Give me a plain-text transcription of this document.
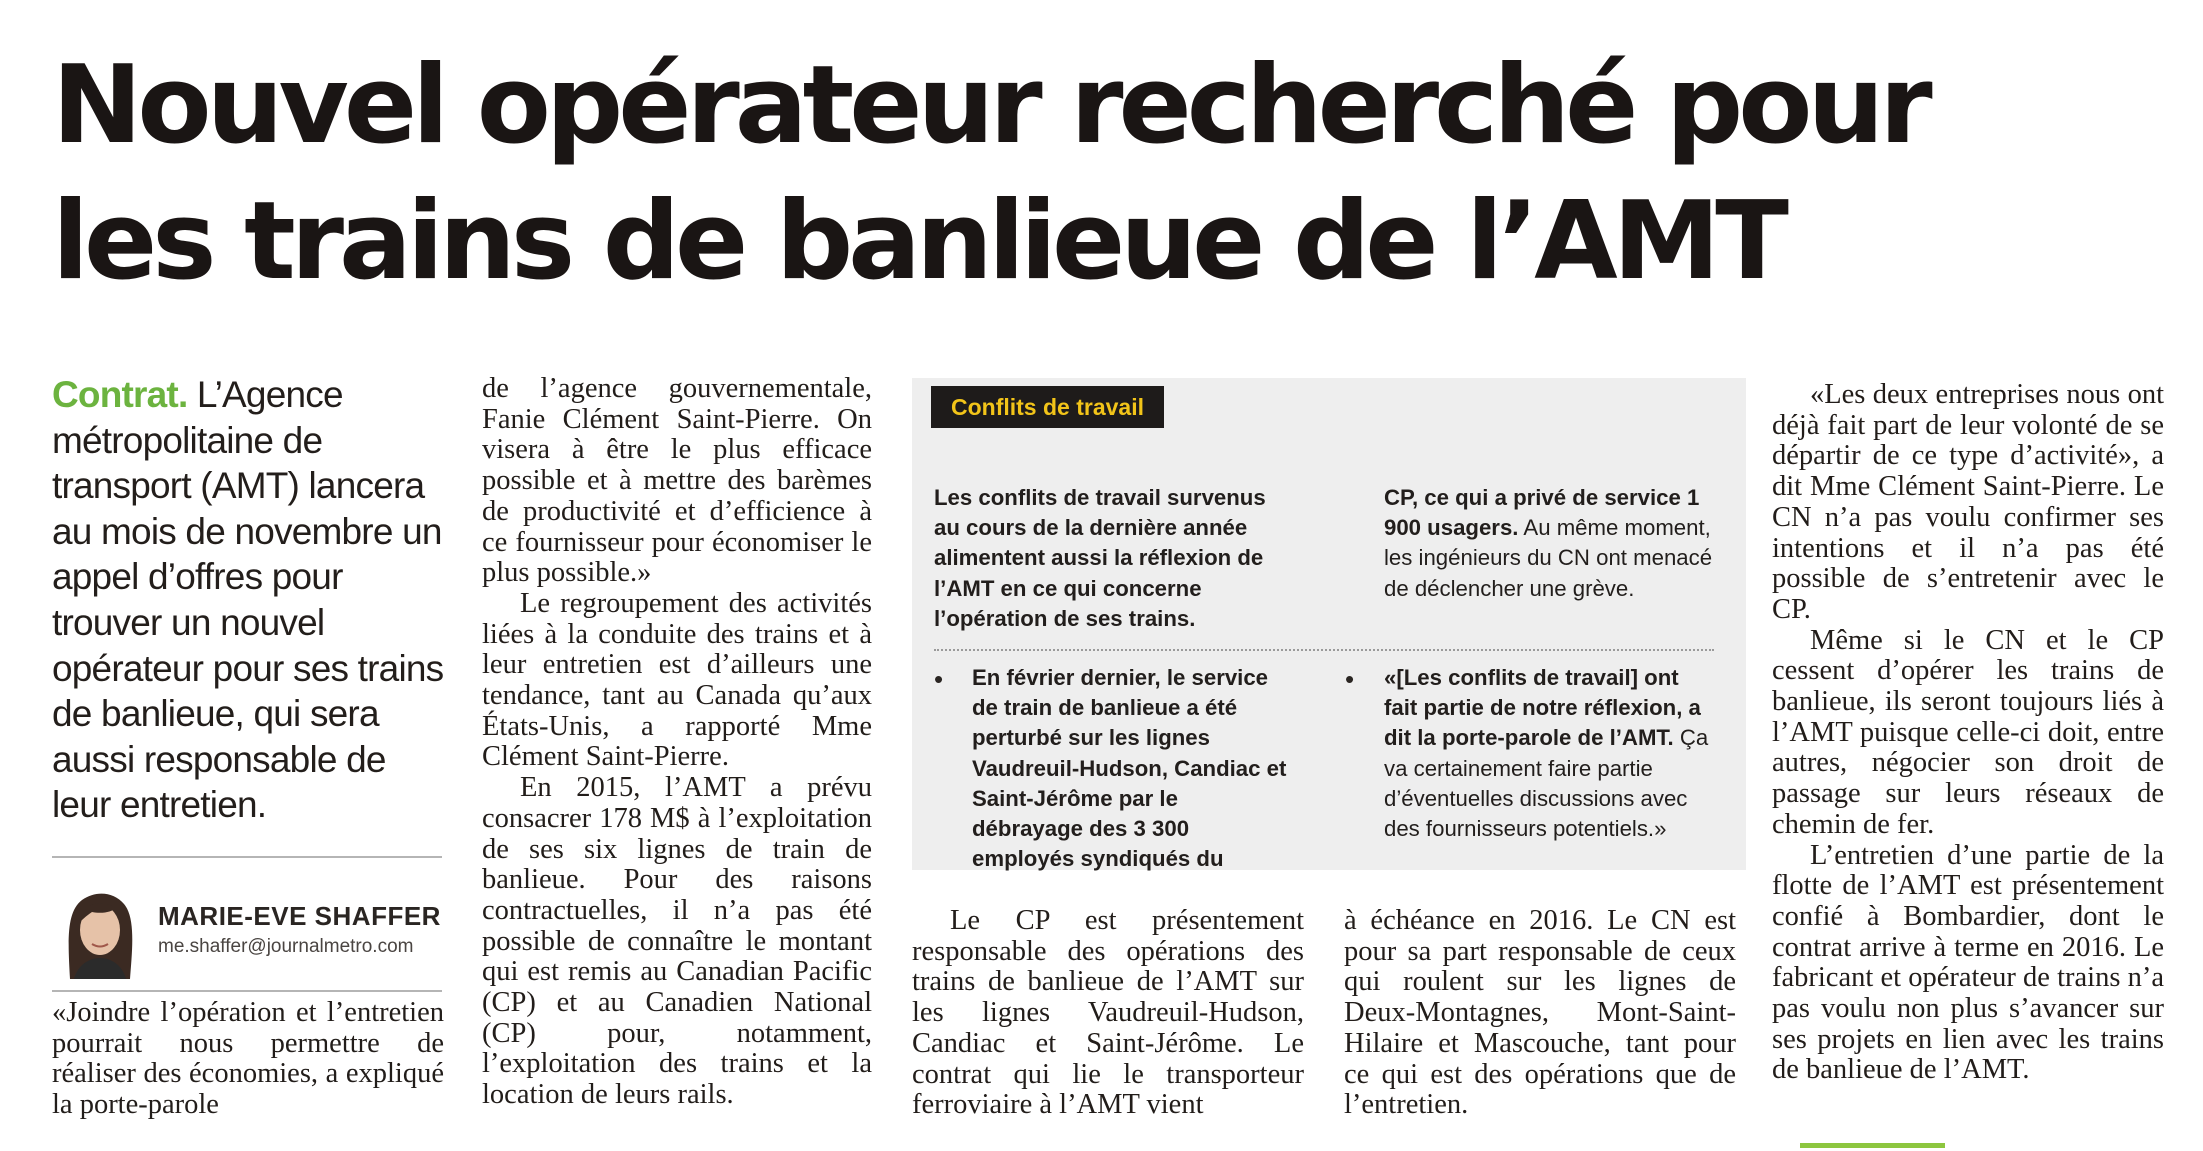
Nouvel opérateur recherché pour
les trains de banlieue de l’AMT
Contrat. L’Agence métropolitaine de transport (AMT) lancera au mois de novembre un appel d’offres pour trouver un nouvel opérateur pour ses trains de banlieue, qui sera aussi responsable de leur entretien.
MARIE-EVE SHAFFER
me.shaffer@journalmetro.com

«Joindre l’opération et l’entretien pourrait nous permettre de réaliser des économies, a expliqué la porte-parole

de l’agence gouvernementale, Fanie Clément Saint-Pierre. On visera à être le plus efficace possible et à mettre des barèmes de productivité et d’efficience à ce fournisseur pour économiser le plus possible.»

Le regroupement des activités liées à la conduite des trains et à leur entretien est d’ailleurs une tendance, tant au Canada qu’aux États-Unis, a rapporté Mme Clément Saint-Pierre.

En 2015, l’AMT a prévu consacrer 178 M$ à l’exploitation de ses six lignes de train de banlieue. Pour des raisons contractuelles, il n’a pas été possible de connaître le montant qui est remis au Canadian Pacific (CP) et au Canadien National (CP) pour, notamment, l’exploitation des trains et la location de leurs rails.

Conflits de travail
Les conflits de travail survenus au cours de la dernière année alimentent aussi la réflexion de l’AMT en ce qui concerne l’opération de ses trains.
CP, ce qui a privé de service 1 900 usagers. Au même moment, les ingénieurs du CN ont menacé de déclencher une grève.
• En février dernier, le service de train de banlieue a été perturbé sur les lignes Vaudreuil-Hudson, Candiac et Saint-Jérôme par le débrayage des 3 300 employés syndiqués du
• «[Les conflits de travail] ont fait partie de notre réflexion, a dit la porte-parole de l’AMT. Ça va certainement faire partie d’éventuelles discussions avec des fournisseurs potentiels.»

Le CP est présentement responsable des opérations des trains de banlieue de l’AMT sur les lignes Vaudreuil-Hudson, Candiac et Saint-Jérôme. Le contrat qui lie le transporteur ferroviaire à l’AMT vient

à échéance en 2016. Le CN est pour sa part responsable de ceux qui roulent sur les lignes de Deux-Montagnes, Mont-Saint-Hilaire et Mascouche, tant pour ce qui est des opérations que de l’entretien.

«Les deux entreprises nous ont déjà fait part de leur volonté de se départir de ce type d’activité», a dit Mme Clément Saint-Pierre. Le CN n’a pas voulu confirmer ses intentions et il n’a pas été possible de s’entretenir avec le CP.

Même si le CN et le CP cessent d’opérer les trains de banlieue, ils seront toujours liés à l’AMT puisque celle-ci doit, entre autres, négocier son droit de passage sur leurs réseaux de chemin de fer.

L’entretien d’une partie de la flotte de l’AMT est présentement confié à Bombardier, dont le contrat arrive à terme en 2016. Le fabricant et opérateur de trains n’a pas voulu non plus s’avancer sur ses projets en lien avec les trains de banlieue de l’AMT.
